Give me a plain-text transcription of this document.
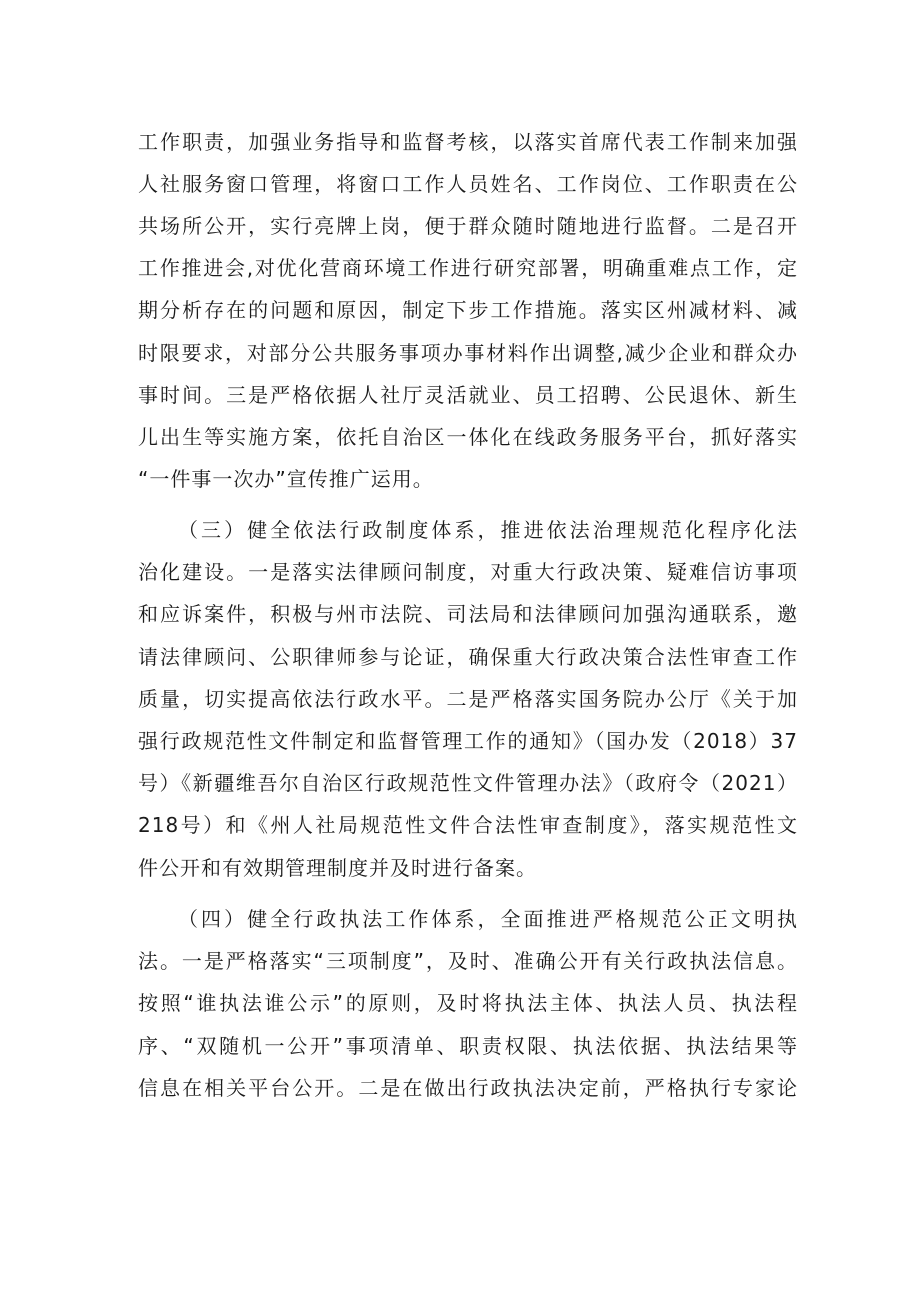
工作职责，加强业务指导和监督考核，以落实首席代表工作制来加强
人社服务窗口管理，将窗口工作人员姓名、工作岗位、工作职责在公
共场所公开，实行亮牌上岗，便于群众随时随地进行监督。二是召开
工作推进会,对优化营商环境工作进行研究部署，明确重难点工作，定
期分析存在的问题和原因，制定下步工作措施。落实区州减材料、减
时限要求，对部分公共服务事项办事材料作出调整,减少企业和群众办
事时间。三是严格依据人社厅灵活就业、员工招聘、公民退休、新生
儿出生等实施方案，依托自治区一体化在线政务服务平台，抓好落实
“一件事一次办”宣传推广运用。
（三）健全依法行政制度体系，推进依法治理规范化程序化法
治化建设。一是落实法律顾问制度，对重大行政决策、疑难信访事项
和应诉案件，积极与州市法院、司法局和法律顾问加强沟通联系，邀
请法律顾问、公职律师参与论证，确保重大行政决策合法性审查工作
质量，切实提高依法行政水平。二是严格落实国务院办公厅《关于加
强行政规范性文件制定和监督管理工作的通知》（国办发（2018）37
号）《新疆维吾尔自治区行政规范性文件管理办法》（政府令（2021）
218号）和《州人社局规范性文件合法性审查制度》，落实规范性文
件公开和有效期管理制度并及时进行备案。
（四）健全行政执法工作体系，全面推进严格规范公正文明执
法。一是严格落实“三项制度”，及时、准确公开有关行政执法信息。
按照“谁执法谁公示”的原则，及时将执法主体、执法人员、执法程
序、“双随机一公开”事项清单、职责权限、执法依据、执法结果等
信息在相关平台公开。二是在做出行政执法决定前，严格执行专家论
